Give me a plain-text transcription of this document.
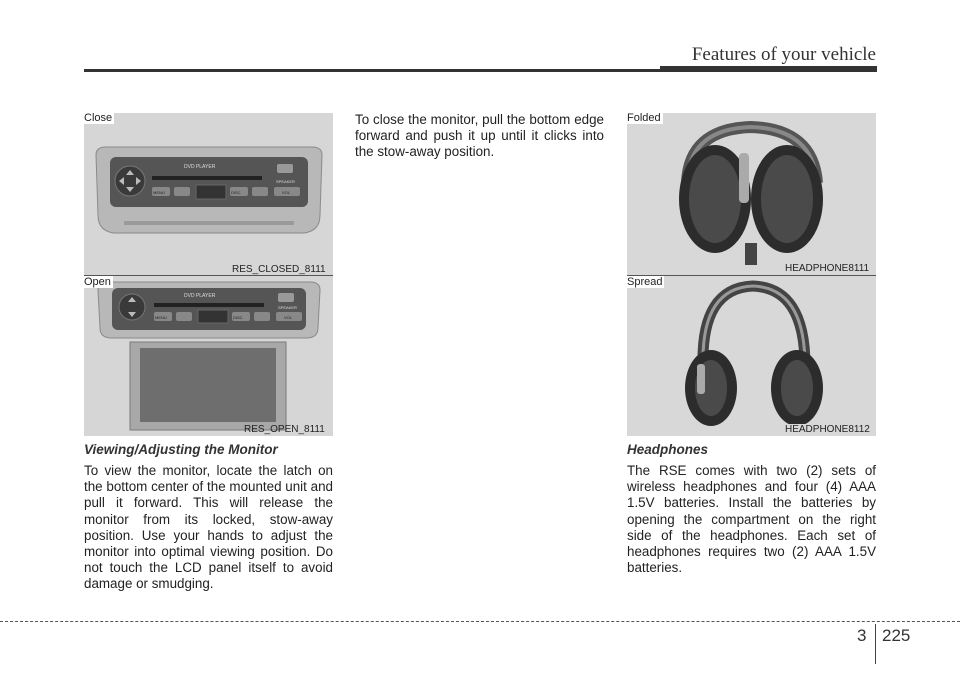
Features of your vehicle
DVD PLAYER
SPEAKER
MENU	DISC	VOL
Close
RES_CLOSED_8111
DVD PLAYER
SPEAKER
MENU	DISC	VOL
Open
RES_OPEN_8111
Folded
HEADPHONE8111
Spread
HEADPHONE8112
Viewing/Adjusting the Monitor
To view the monitor, locate the latch on the bottom center of the mounted unit and pull it forward. This will release the monitor from its locked, stow-away position. Use your hands to adjust the monitor into optimal viewing position. Do not touch the LCD panel itself to avoid damage or smudging.
To close the monitor, pull the bottom edge forward and push it up until it clicks into the stow-away position.
Headphones
The RSE comes with two (2) sets of wireless headphones and four (4) AAA 1.5V batteries. Install the batteries by opening the compartment on the right side of the headphones. Each set of headphones requires two (2) AAA 1.5V batteries.
3 225
